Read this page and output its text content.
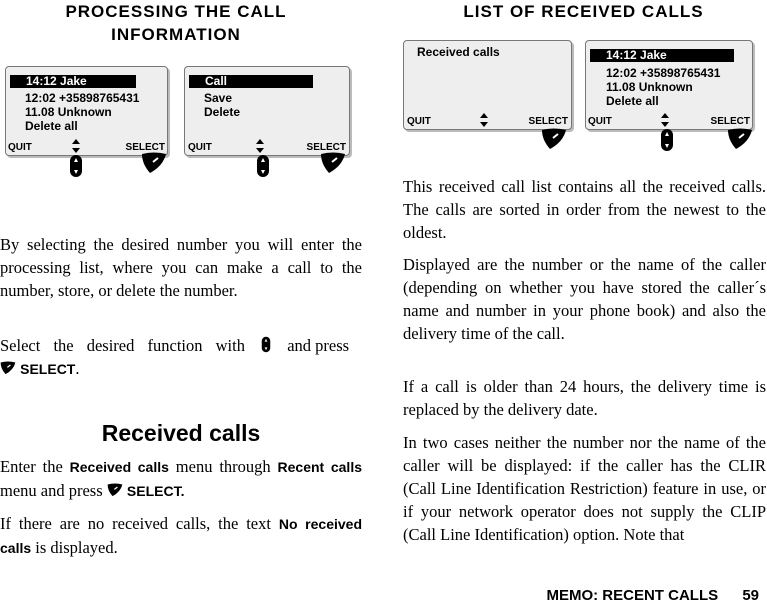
PROCESSING THE CALL INFORMATION
14:12 Jake
12:02 +35898765431
11.08 Unknown
Delete all
QUIT	SELECT
Call
Save
Delete
QUIT	SELECT
By selecting the desired number you will enter the processing list, where you can make a call to the number, store, or delete the number.
Select the desired function with	and press  SELECT.
Received calls
Enter the Received calls menu through Recent calls menu and press SELECT.
If there are no received calls, the text No received calls is displayed.
LIST OF RECEIVED CALLS
Received calls
QUIT	SELECT
14:12 Jake
12:02 +35898765431
11.08 Unknown
Delete all
QUIT	SELECT
This received call list contains all the received calls. The calls are sorted in order from the newest to the oldest.
Displayed are the number or the name of the caller (depending on whether you have stored the caller´s name and number in your phone book) and also the delivery time of the call.
If a call is older than 24 hours, the delivery time is replaced by the delivery date.
In two cases neither the number nor the name of the caller will be displayed: if the caller has the CLIR (Call Line Identification Restriction) feature in use, or if your network operator does not supply the CLIP (Call Line Identification) option. Note that
MEMO: RECENT CALLS 59
